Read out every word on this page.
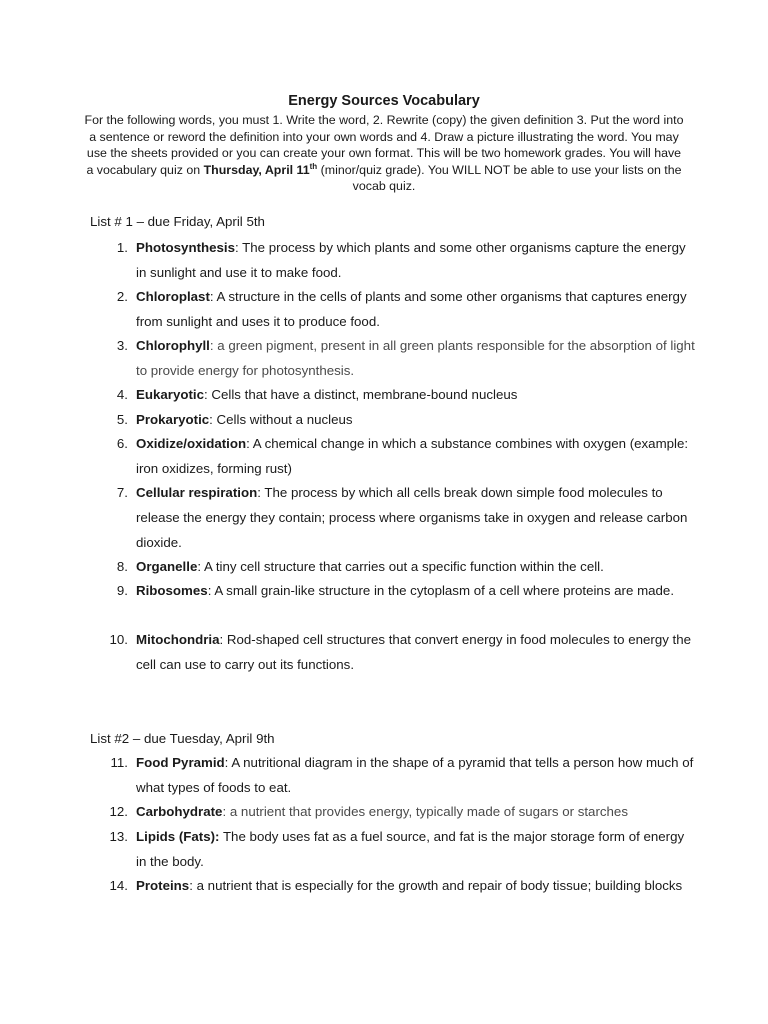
Energy Sources Vocabulary
For the following words, you must 1. Write the word, 2. Rewrite (copy) the given definition 3. Put the word into a sentence or reword the definition into your own words and 4. Draw a picture illustrating the word. You may use the sheets provided or you can create your own format. This will be two homework grades. You will have a vocabulary quiz on Thursday, April 11th (minor/quiz grade). You WILL NOT be able to use your lists on the vocab quiz.
List # 1 – due Friday, April 5th
1. Photosynthesis: The process by which plants and some other organisms capture the energy in sunlight and use it to make food.
2. Chloroplast: A structure in the cells of plants and some other organisms that captures energy from sunlight and uses it to produce food.
3. Chlorophyll: a green pigment, present in all green plants responsible for the absorption of light to provide energy for photosynthesis.
4. Eukaryotic: Cells that have a distinct, membrane-bound nucleus
5. Prokaryotic: Cells without a nucleus
6. Oxidize/oxidation: A chemical change in which a substance combines with oxygen (example: iron oxidizes, forming rust)
7. Cellular respiration: The process by which all cells break down simple food molecules to release the energy they contain; process where organisms take in oxygen and release carbon dioxide.
8. Organelle: A tiny cell structure that carries out a specific function within the cell.
9. Ribosomes: A small grain-like structure in the cytoplasm of a cell where proteins are made.
10. Mitochondria: Rod-shaped cell structures that convert energy in food molecules to energy the cell can use to carry out its functions.
List #2 – due Tuesday, April 9th
11. Food Pyramid: A nutritional diagram in the shape of a pyramid that tells a person how much of what types of foods to eat.
12. Carbohydrate: a nutrient that provides energy, typically made of sugars or starches
13. Lipids (Fats): The body uses fat as a fuel source, and fat is the major storage form of energy in the body.
14. Proteins: a nutrient that is especially for the growth and repair of body tissue; building blocks
